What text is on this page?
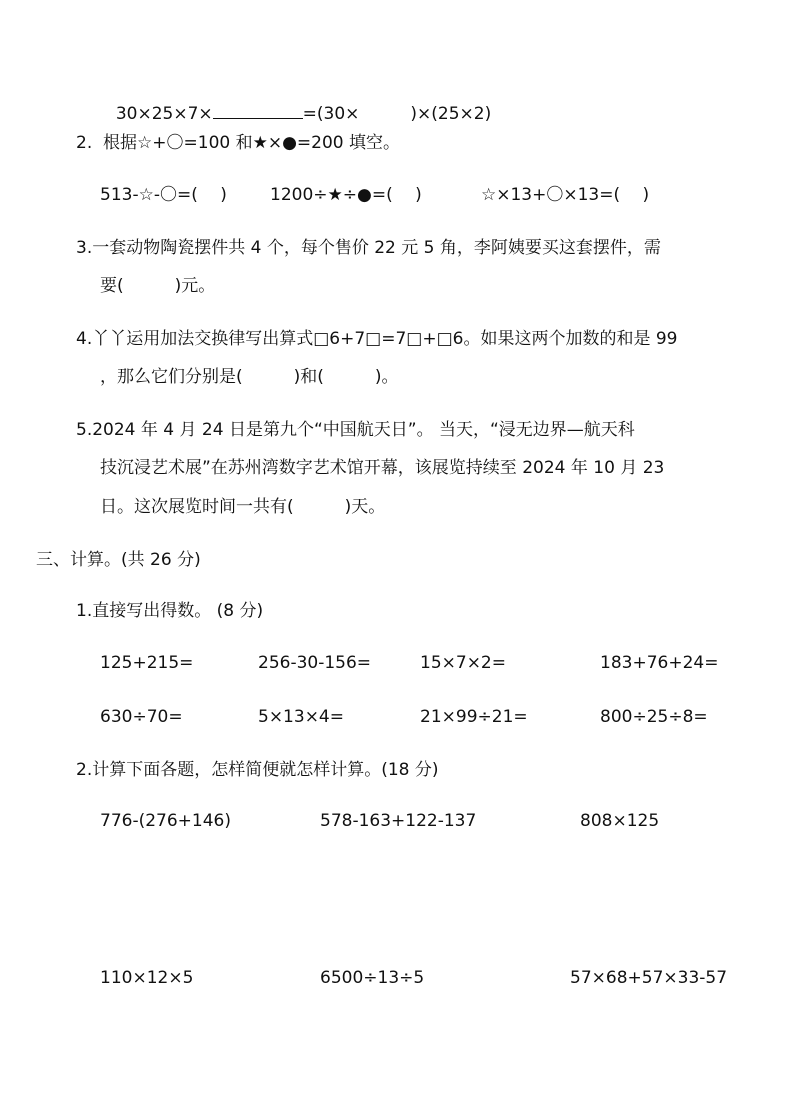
30×25×7×	=(30×　　　)×(25×2)

2.  根据☆+〇=100 和★×●=200 填空。
513-☆-〇=(　 )	1200÷★÷●=(　 )	☆×13+〇×13=(　 )
3.一套动物陶瓷摆件共 4 个，每个售价 22 元 5 角，李阿姨要买这套摆件，需
要(　　　)元。
4.丫丫运用加法交换律写出算式□6+7□=7□+□6。如果这两个加数的和是 99
，那么它们分别是(　　　)和(　　　)。
5.2024 年 4 月 24 日是第九个“中国航天日”。 当天，“浸无边界—航天科
技沉浸艺术展”在苏州湾数字艺术馆开幕，该展览持续至 2024 年 10 月 23
日。这次展览时间一共有(　　　)天。
三、计算。(共 26 分)
1.直接写出得数。 (8 分)
125+215=	256-30-156=	15×7×2=	183+76+24=
630÷70=	5×13×4=	21×99÷21=	800÷25÷8=
2.计算下面各题，怎样简便就怎样计算。(18 分)
776-(276+146)	578-163+122-137	808×125
110×12×5	6500÷13÷5	57×68+57×33-57
